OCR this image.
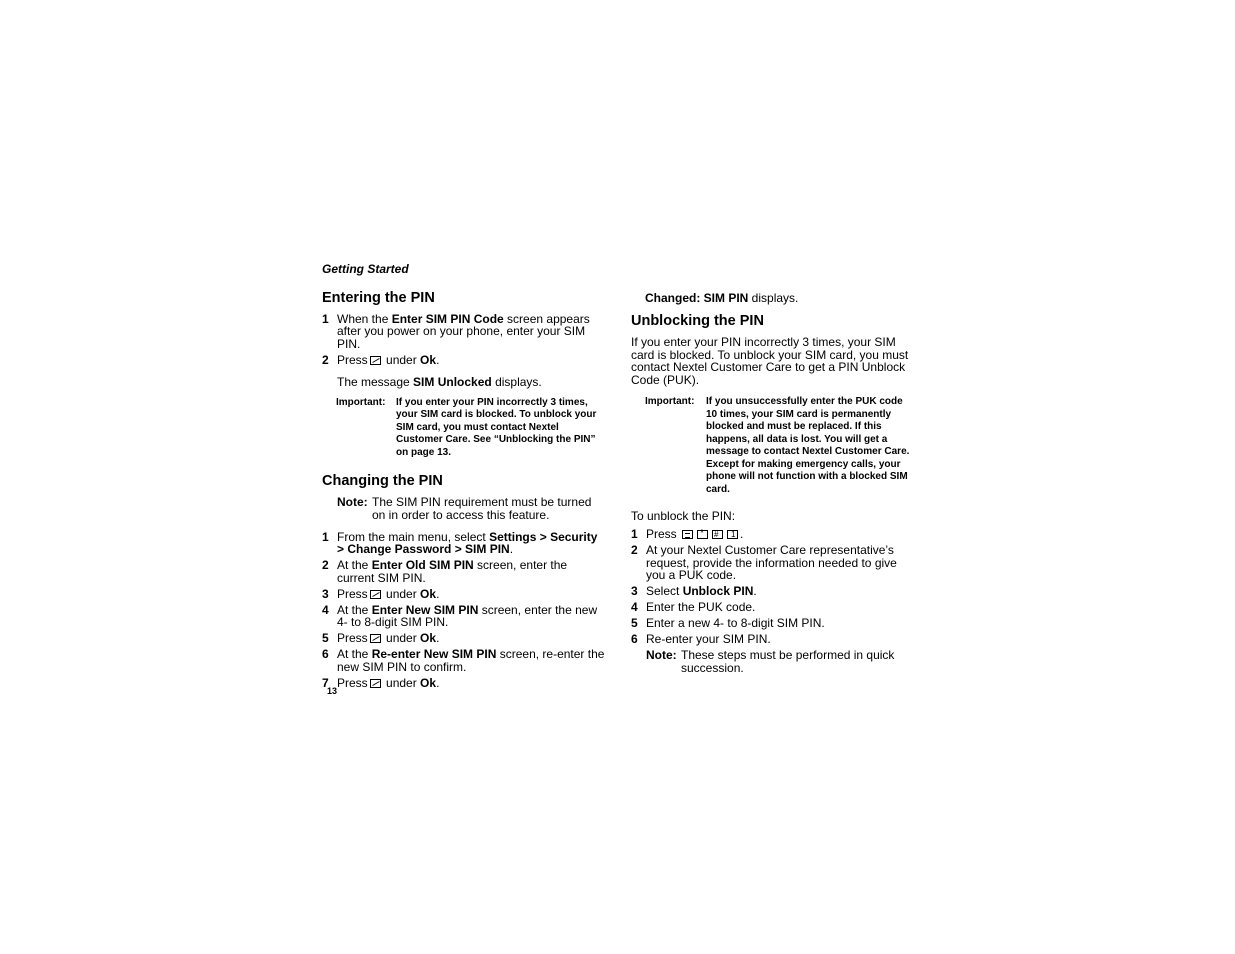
Getting Started
Entering the PIN
1 When the Enter SIM PIN Code screen appears after you power on your phone, enter your SIM PIN.
2 Press under Ok.
The message SIM Unlocked displays.
Important:	If you enter your PIN incorrectly 3 times, your SIM card is blocked. To unblock your SIM card, you must contact Nextel Customer Care. See “Unblocking the PIN” on page 13.
Changing the PIN
Note: The SIM PIN requirement must be turned on in order to access this feature.
1 From the main menu, select Settings > Security > Change Password > SIM PIN.
2 At the Enter Old SIM PIN screen, enter the current SIM PIN.
3 Press under Ok.
4 At the Enter New SIM PIN screen, enter the new 4- to 8-digit SIM PIN.
5 Press under Ok.
6 At the Re-enter New SIM PIN screen, re-enter the new SIM PIN to confirm.
7 Press under Ok.
Changed: SIM PIN displays.
Unblocking the PIN
If you enter your PIN incorrectly 3 times, your SIM card is blocked. To unblock your SIM card, you must contact Nextel Customer Care to get a PIN Unblock Code (PUK).
Important:	If you unsuccessfully enter the PUK code 10 times, your SIM card is permanently blocked and must be replaced. If this happens, all data is lost. You will get a message to contact Nextel Customer Care. Except for making emergency calls, your phone will not function with a blocked SIM card.
To unblock the PIN:
1 Press * # 1	.
2 At your Nextel Customer Care representative’s request, provide the information needed to give you a PUK code.
3 Select Unblock PIN.
4 Enter the PUK code.
5 Enter a new 4- to 8-digit SIM PIN.
6 Re-enter your SIM PIN.
Note: These steps must be performed in quick succession.
13
